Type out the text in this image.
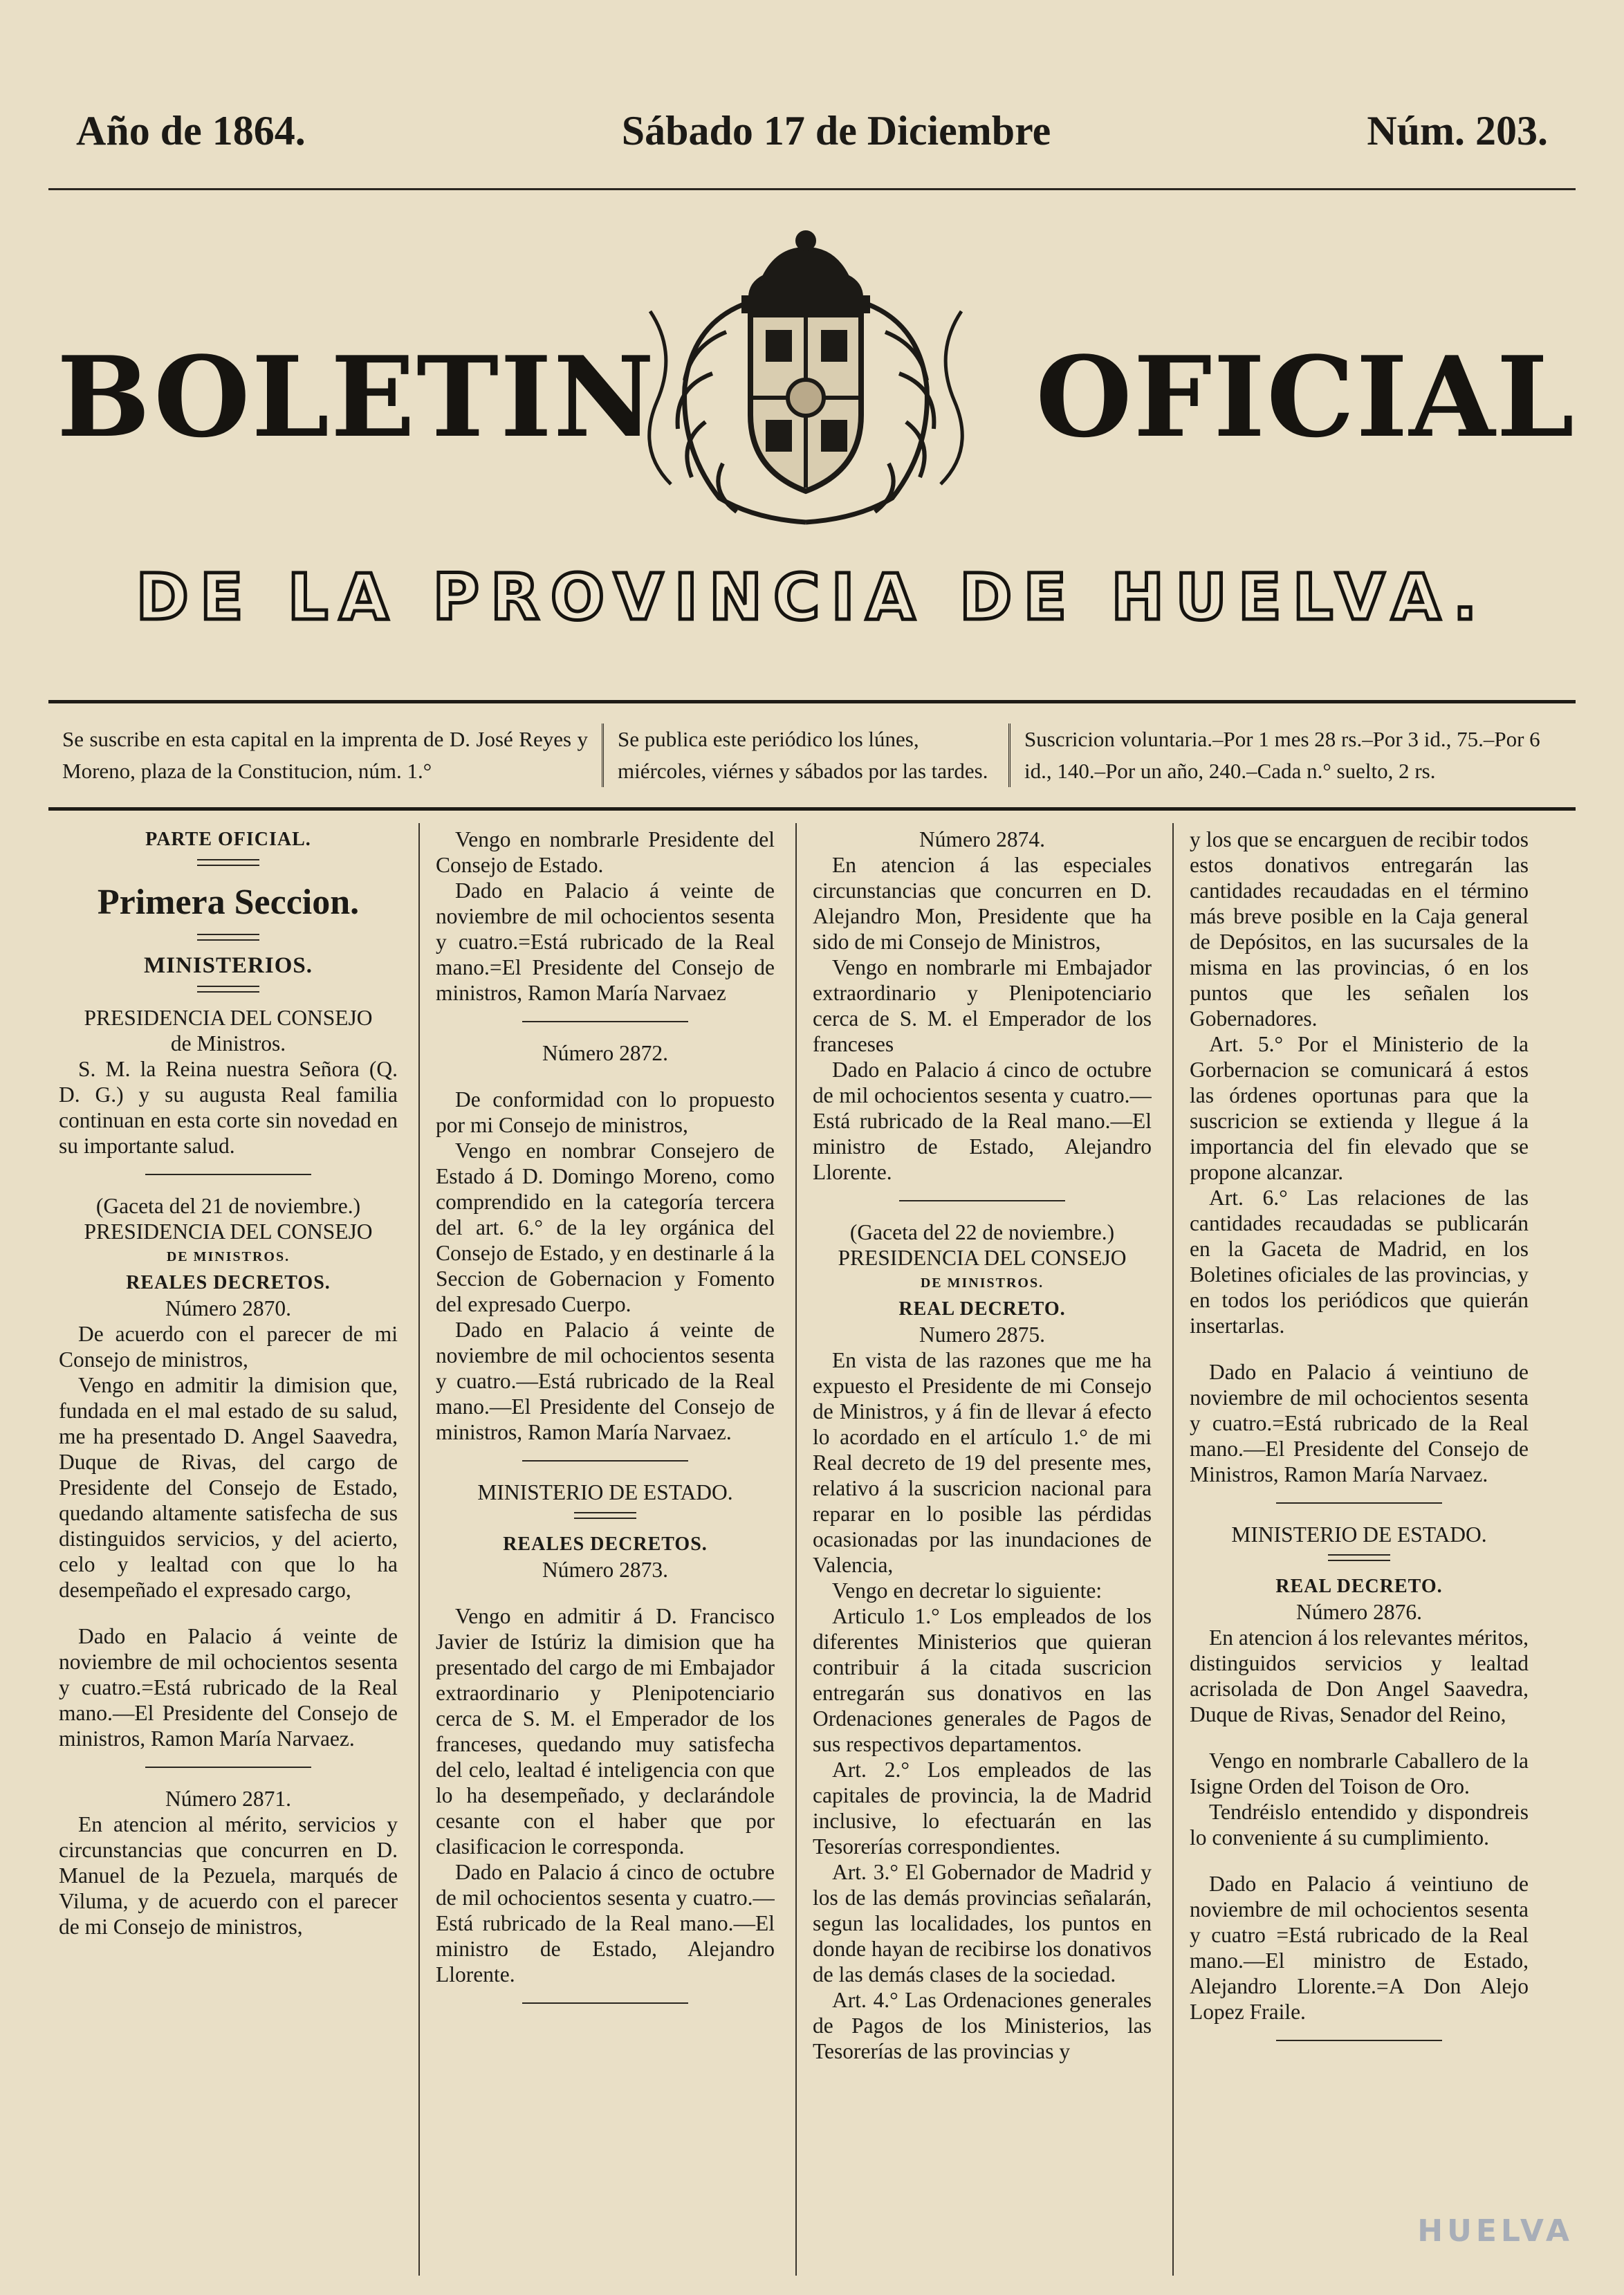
Año de 1864.	Sábado 17 de Diciembre	Núm. 203.
BOLETIN	OFICIAL
DE LA PROVINCIA DE HUELVA.
Se suscribe en esta capital en la imprenta de D. José Reyes y Moreno, plaza de la Constitucion, núm. 1.°
Se publica este periódico los lúnes, miércoles, viérnes y sábados por las tardes.
Suscricion voluntaria.–Por 1 mes 28 rs.–Por 3 id., 75.–Por 6 id., 140.–Por un año, 240.–Cada n.° suelto, 2 rs.

PARTE OFICIAL.

Primera Seccion.

MINISTERIOS.

PRESIDENCIA DEL CONSEJO

de Ministros.

S. M. la Reina nuestra Señora (Q. D. G.) y su augusta Real familia continuan en esta corte sin novedad en su importante salud.

(Gaceta del 21 de noviembre.)

PRESIDENCIA DEL CONSEJO

DE MINISTROS.

REALES DECRETOS.

Número 2870.

De acuerdo con el parecer de mi Consejo de ministros,

Vengo en admitir la dimision que, fundada en el mal estado de su salud, me ha presentado D. Angel Saavedra, Duque de Rivas, del cargo de Presidente del Consejo de Estado, quedando altamente satisfecha de sus distinguidos servicios, y del acierto, celo y lealtad con que lo ha desempeñado el expresado cargo,

Dado en Palacio á veinte de noviembre de mil ochocientos sesenta y cuatro.=Está rubricado de la Real mano.—El Presidente del Consejo de ministros, Ramon María Narvaez.

Número 2871.

En atencion al mérito, servicios y circunstancias que concurren en D. Manuel de la Pezuela, marqués de Viluma, y de acuerdo con el parecer de mi Consejo de ministros,

Vengo en nombrarle Presidente del Consejo de Estado.

Dado en Palacio á veinte de noviembre de mil ochocientos sesenta y cuatro.=Está rubricado de la Real mano.=El Presidente del Consejo de ministros, Ramon María Narvaez

Número 2872.

De conformidad con lo propuesto por mi Consejo de ministros,

Vengo en nombrar Consejero de Estado á D. Domingo Moreno, como comprendido en la categoría tercera del art. 6.° de la ley orgánica del Consejo de Estado, y en destinarle á la Seccion de Gobernacion y Fomento del expresado Cuerpo.

Dado en Palacio á veinte de noviembre de mil ochocientos sesenta y cuatro.—Está rubricado de la Real mano.—El Presidente del Consejo de ministros, Ramon María Narvaez.

MINISTERIO DE ESTADO.

REALES DECRETOS.

Número 2873.

Vengo en admitir á D. Francisco Javier de Istúriz la dimision que ha presentado del cargo de mi Embajador extraordinario y Plenipotenciario cerca de S. M. el Emperador de los franceses, quedando muy satisfecha del celo, lealtad é inteligencia con que lo ha desempeñado, y declarándole cesante con el haber que por clasificacion le corresponda.

Dado en Palacio á cinco de octubre de mil ochocientos sesenta y cuatro.—Está rubricado de la Real mano.—El ministro de Estado, Alejandro Llorente.

Número 2874.

En atencion á las especiales circunstancias que concurren en D. Alejandro Mon, Presidente que ha sido de mi Consejo de Ministros,

Vengo en nombrarle mi Embajador extraordinario y Plenipotenciario cerca de S. M. el Emperador de los franceses

Dado en Palacio á cinco de octubre de mil ochocientos sesenta y cuatro.—Está rubricado de la Real mano.—El ministro de Estado, Alejandro Llorente.

(Gaceta del 22 de noviembre.)

PRESIDENCIA DEL CONSEJO

DE MINISTROS.

REAL DECRETO.

Numero 2875.

En vista de las razones que me ha expuesto el Presidente de mi Consejo de Ministros, y á fin de llevar á efecto lo acordado en el artículo 1.° de mi Real decreto de 19 del presente mes, relativo á la suscricion nacional para reparar en lo posible las pérdidas ocasionadas por las inundaciones de Valencia,

Vengo en decretar lo siguiente:

Articulo 1.° Los empleados de los diferentes Ministerios que quieran contribuir á la citada suscricion entregarán sus donativos en las Ordenaciones generales de Pagos de sus respectivos departamentos.

Art. 2.° Los empleados de las capitales de provincia, la de Madrid inclusive, lo efectuarán en las Tesorerías correspondientes.

Art. 3.° El Gobernador de Madrid y los de las demás provincias señalarán, segun las localidades, los puntos en donde hayan de recibirse los donativos de las demás clases de la sociedad.

Art. 4.° Las Ordenaciones generales de Pagos de los Ministerios, las Tesorerías de las provincias y

y los que se encarguen de recibir todos estos donativos entregarán las cantidades recaudadas en el término más breve posible en la Caja general de Depósitos, en las sucursales de la misma en las provincias, ó en los puntos que les señalen los Gobernadores.

Art. 5.° Por el Ministerio de la Gorbernacion se comunicará á estos las órdenes oportunas para que la suscricion se extienda y llegue á la importancia del fin elevado que se propone alcanzar.

Art. 6.° Las relaciones de las cantidades recaudadas se publicarán en la Gaceta de Madrid, en los Boletines oficiales de las provincias, y en todos los periódicos que quierán insertarlas.

Dado en Palacio á veintiuno de noviembre de mil ochocientos sesenta y cuatro.=Está rubricado de la Real mano.—El Presidente del Consejo de Ministros, Ramon María Narvaez.

MINISTERIO DE ESTADO.

REAL DECRETO.

Número 2876.

En atencion á los relevantes méritos, distinguidos servicios y lealtad acrisolada de Don Angel Saavedra, Duque de Rivas, Senador del Reino,

Vengo en nombrarle Caballero de la Isigne Orden del Toison de Oro.

Tendréislo entendido y dispondreis lo conveniente á su cumplimiento.

Dado en Palacio á veintiuno de noviembre de mil ochocientos sesenta y cuatro =Está rubricado de la Real mano.—El ministro de Estado, Alejandro Llorente.=A Don Alejo Lopez Fraile.

HUELVA
